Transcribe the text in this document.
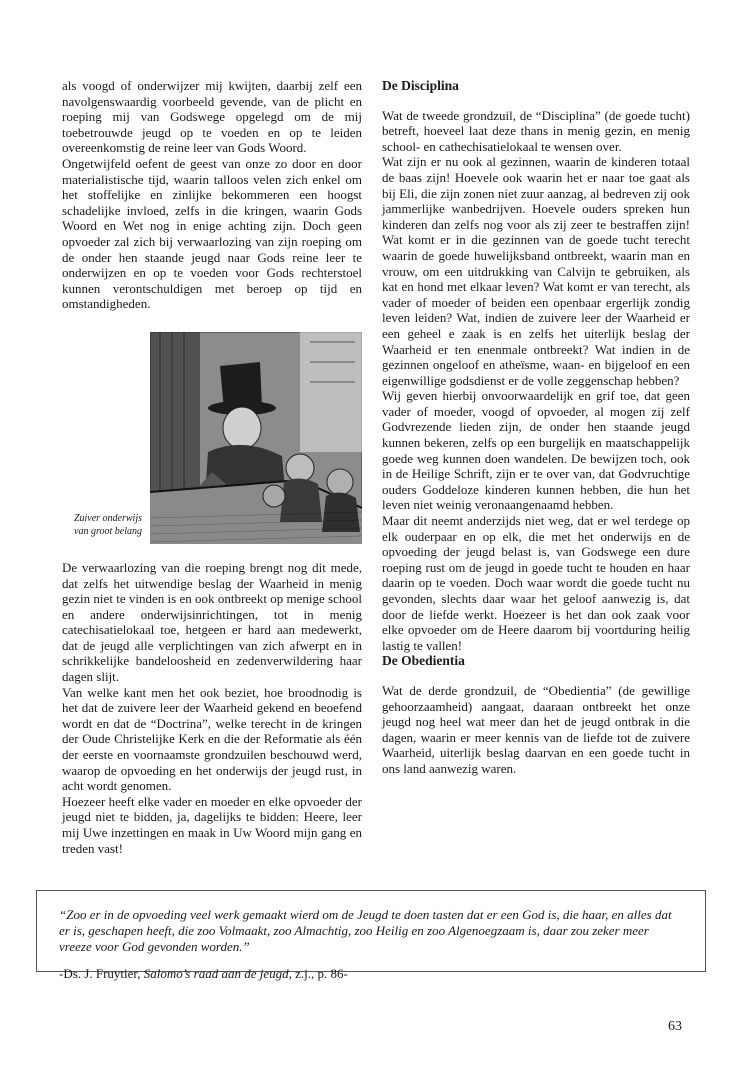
als voogd of onderwijzer mij kwijten, daarbij zelf een navolgenswaardig voorbeeld gevende, van de plicht en roeping mij van Godswege opgelegd om de mij toebetrouwde jeugd op te voeden en op te leiden overeenkomstig de reine leer van Gods Woord.

Ongetwijfeld oefent de geest van onze zo door en door materialistische tijd, waarin talloos velen zich enkel om het stoffelijke en zinlijke bekommeren een hoogst schadelijke invloed, zelfs in die kringen, waarin Gods Woord en Wet nog in enige achting zijn. Doch geen opvoeder zal zich bij verwaarlozing van zijn roeping om de onder hen staande jeugd naar Gods reine leer te onderwijzen en op te voeden voor Gods rechterstoel kunnen verontschuldigen met beroep op tijd en omstandigheden.

Zuiver onderwijs
van groot belang

De verwaarlozing van die roeping brengt nog dit mede, dat zelfs het uitwendige beslag der Waarheid in menig gezin niet te vinden is en ook ontbreekt op menige school en andere onderwijsinrichtingen, tot in menig catechisatielokaal toe, hetgeen er hard aan medewerkt, dat de jeugd alle verplichtingen van zich afwerpt en in schrikkelijke bandeloosheid en zedenverwildering haar dagen slijt.

Van welke kant men het ook beziet, hoe broodnodig is het dat de zuivere leer der Waarheid gekend en beoefend wordt en dat de “Doctrina”, welke terecht in de kringen der Oude Christelijke Kerk en die der Reformatie als één der eerste en voornaamste grondzuilen beschouwd werd, waarop de opvoeding en het onderwijs der jeugd rust, in acht wordt genomen.

Hoezeer heeft elke vader en moeder en elke opvoeder der jeugd niet te bidden, ja, dagelijks te bidden: Heere, leer mij Uwe inzettingen en maak in Uw Woord mijn gang en treden vast!

De Disciplina

Wat de tweede grondzuil, de “Disciplina” (de goede tucht) betreft, hoeveel laat deze thans in menig gezin, en menig school- en cathechisatielokaal te wensen over.

Wat zijn er nu ook al gezinnen, waarin de kinderen totaal de baas zijn! Hoevele ook waarin het er naar toe gaat als bij Eli, die zijn zonen niet zuur aanzag, al bedreven zij ook jammerlijke wanbedrijven. Hoevele ouders spreken hun kinderen dan zelfs nog voor als zij zeer te bestraffen zijn! Wat komt er in die gezinnen van de goede tucht terecht waarin de goede huwelijksband ontbreekt, waarin man en vrouw, om een uitdrukking van Calvijn te gebruiken, als kat en hond met elkaar leven? Wat komt er van terecht, als vader of moeder of beiden een openbaar ergerlijk zondig leven leiden? Wat, indien de zuivere leer der Waarheid er een geheel e zaak is en zelfs het uiterlijk beslag der Waarheid er ten enenmale ontbreekt? Wat indien in de gezinnen ongeloof en atheïsme, waan- en bijgeloof en een eigenwillige godsdienst er de volle zeggenschap hebben?

Wij geven hierbij onvoorwaardelijk en grif toe, dat geen vader of moeder, voogd of opvoeder, al mogen zij zelf Godvrezende lieden zijn, de onder hen staande jeugd kunnen bekeren, zelfs op een burgelijk en maatschappelijk goede weg kunnen doen wandelen. De bewijzen toch, ook in de Heilige Schrift, zijn er te over van, dat Godvruchtige ouders Goddeloze kinderen kunnen hebben, die hun het leven niet weinig veronaangenaamd hebben.

Maar dit neemt anderzijds niet weg, dat er wel terdege op elk ouderpaar en op elk, die met het onderwijs en de opvoeding der jeugd belast is, van Godswege een dure roeping rust om de jeugd in goede tucht te houden en haar daarin op te voeden. Doch waar wordt die goede tucht nu gevonden, slechts daar waar het geloof aanwezig is, dat door de liefde werkt. Hoezeer is het dan ook zaak voor elke opvoeder om de Heere daarom bij voortduring heilig lastig te vallen!

De Obedientia

Wat de derde grondzuil, de “Obedientia” (de gewillige gehoorzaamheid) aangaat, daaraan ontbreekt het onze jeugd nog heel wat meer dan het de jeugd ontbrak in die dagen, waarin er meer kennis van de liefde tot de zuivere Waarheid, uiterlijk beslag daarvan en een goede tucht in ons land aanwezig waren.

“Zoo er in de opvoeding veel werk gemaakt wierd om de Jeugd te doen tasten dat er een God is, die haar, en alles dat er is, geschapen heeft, die zoo Volmaakt, zoo Almachtig, zoo Heilig en zoo Algenoegzaam is, daar zou zeker meer vreeze voor God gevonden worden.”

-Ds. J. Fruytier, Salomo’s raad aan de jeugd, z.j., p. 86-

63
